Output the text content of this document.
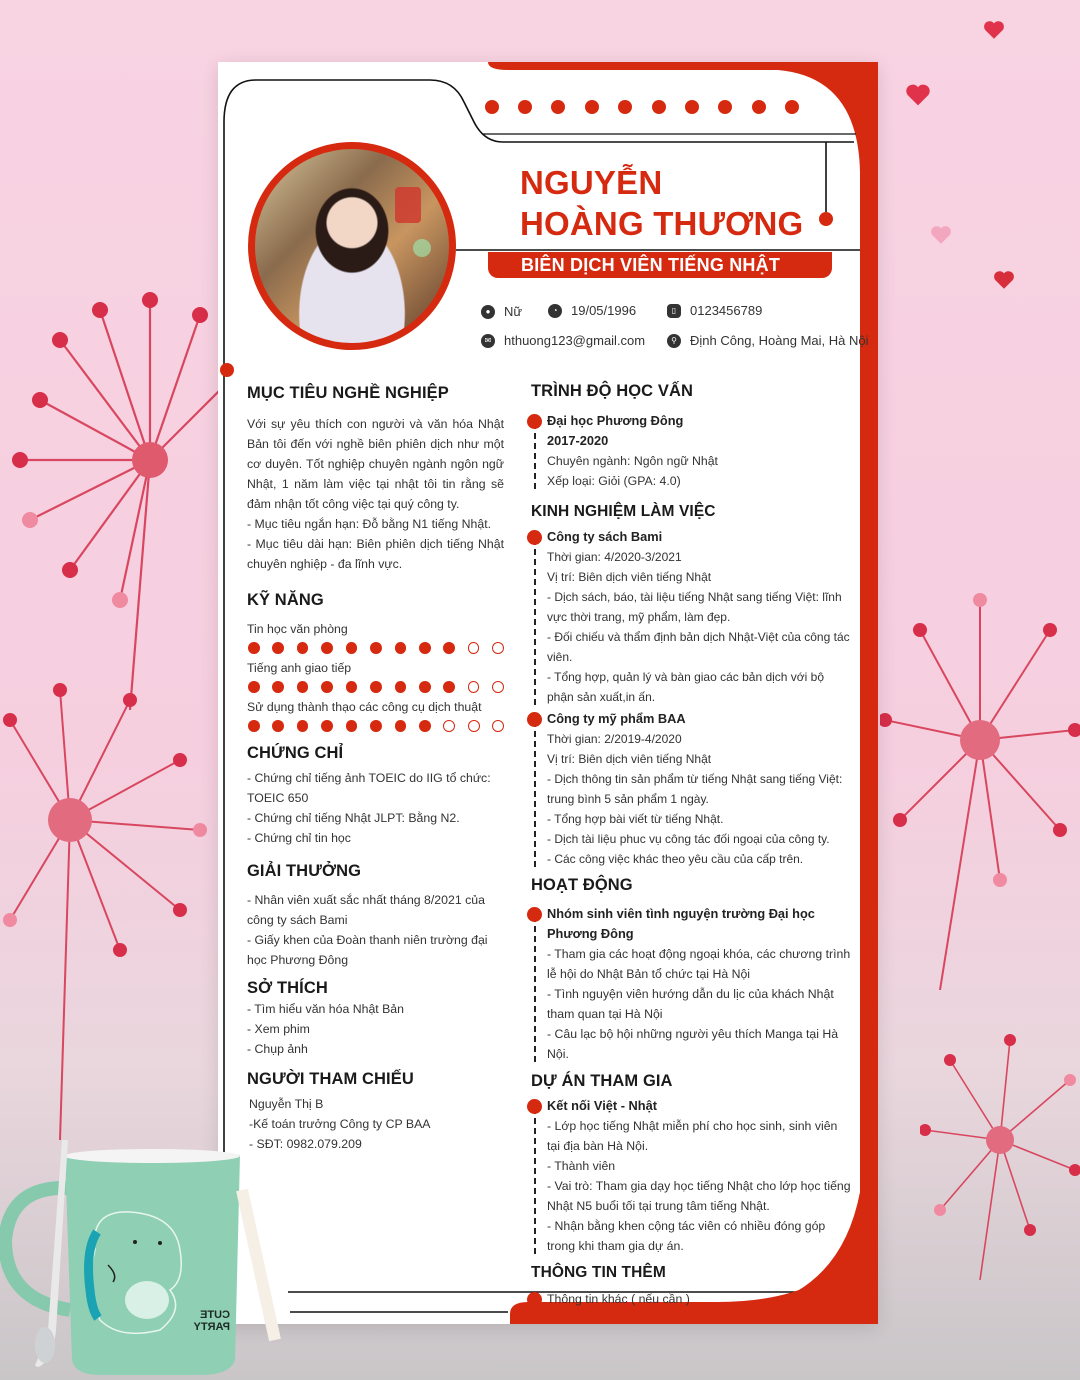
NGUYỄN
HOÀNG THƯƠNG
BIÊN DỊCH VIÊN TIẾNG NHẬT
●	Nữ	◔	19/05/1996	▯	0123456789
✉ hthuong123@gmail.com	⚲	Định Công, Hoàng Mai, Hà Nội
MỤC TIÊU NGHỀ NGHIỆP
Với sự yêu thích con người và văn hóa Nhật Bản tôi đến với nghề biên phiên dịch như một cơ duyên. Tốt nghiệp chuyên ngành ngôn ngữ Nhật, 1 năm làm việc tại nhật tôi tin rằng sẽ đảm nhận tốt công việc tại quý công ty.
- Mục tiêu ngắn hạn: Đỗ bằng N1 tiếng Nhật.
- Mục tiêu dài hạn: Biên phiên dịch tiếng Nhật chuyên nghiệp - đa lĩnh vực.
KỸ NĂNG
Tin học văn phòng
Tiếng anh giao tiếp
Sử dụng thành thạo các công cụ dịch thuật
CHỨNG CHỈ
- Chứng chỉ tiếng ảnh TOEIC do IIG tổ chức: TOEIC 650
- Chứng chỉ tiếng Nhật JLPT: Bằng N2.
- Chứng chỉ tin học
GIẢI THƯỞNG
- Nhân viên xuất sắc nhất tháng 8/2021 của công ty sách Bami
- Giấy khen của Đoàn thanh niên trường đại học Phương Đông
SỞ THÍCH
- Tìm hiểu văn hóa Nhật Bản
- Xem phim
- Chụp ảnh
NGƯỜI THAM CHIẾU
Nguyễn Thị B
-Kế toán trưởng Công ty CP BAA
- SĐT: 0982.079.209
TRÌNH ĐỘ HỌC VẤN
Đại học Phương Đông
2017-2020
Chuyên ngành: Ngôn ngữ Nhật
Xếp loại: Giỏi (GPA: 4.0)
KINH NGHIỆM LÀM VIỆC
Công ty sách Bami
Thời gian: 4/2020-3/2021
Vị trí: Biên dịch viên tiếng Nhật
- Dịch sách, báo, tài liệu tiếng Nhật sang tiếng Việt: lĩnh vực thời trang, mỹ phẩm, làm đẹp.
- Đối chiếu và thẩm định bản dịch Nhật-Việt của công tác viên.
- Tổng hợp, quản lý và bàn giao các bản dịch với bộ phận sản xuất,in ấn.
Công ty mỹ phẩm BAA
Thời gian: 2/2019-4/2020
Vị trí: Biên dịch viên tiếng Nhật
- Dịch thông tin sản phẩm từ tiếng Nhật sang tiếng Việt: trung bình 5 sản phẩm 1 ngày.
- Tổng hợp bài viết từ tiếng Nhật.
- Dịch tài liệu phuc vụ công tác đối ngoại của công ty.
- Các công việc khác theo yêu cầu của cấp trên.
HOẠT ĐỘNG
Nhóm sinh viên tình nguyện trường Đại học Phương Đông
- Tham gia các hoạt động ngoại khóa, các chương trình lễ hội do Nhật Bản tổ chức tại Hà Nội
- Tình nguyện viên hướng dẫn du lịc của khách Nhật tham quan tại Hà Nội
- Câu lạc bộ hội những người yêu thích Manga tại Hà Nội.
DỰ ÁN THAM GIA
Kết nối Việt - Nhật
- Lớp học tiếng Nhật miễn phí cho học sinh, sinh viên tại địa bàn Hà Nội.
- Thành viên
- Vai trò: Tham gia dạy học tiếng Nhật cho lớp học tiếng Nhật N5 buổi tối tại trung tâm tiếng Nhật.
- Nhận bằng khen cộng tác viên có nhiều đóng góp trong khi tham gia dự án.
THÔNG TIN THÊM
Thông tin khác ( nếu cần )
CUTE
PARTY
